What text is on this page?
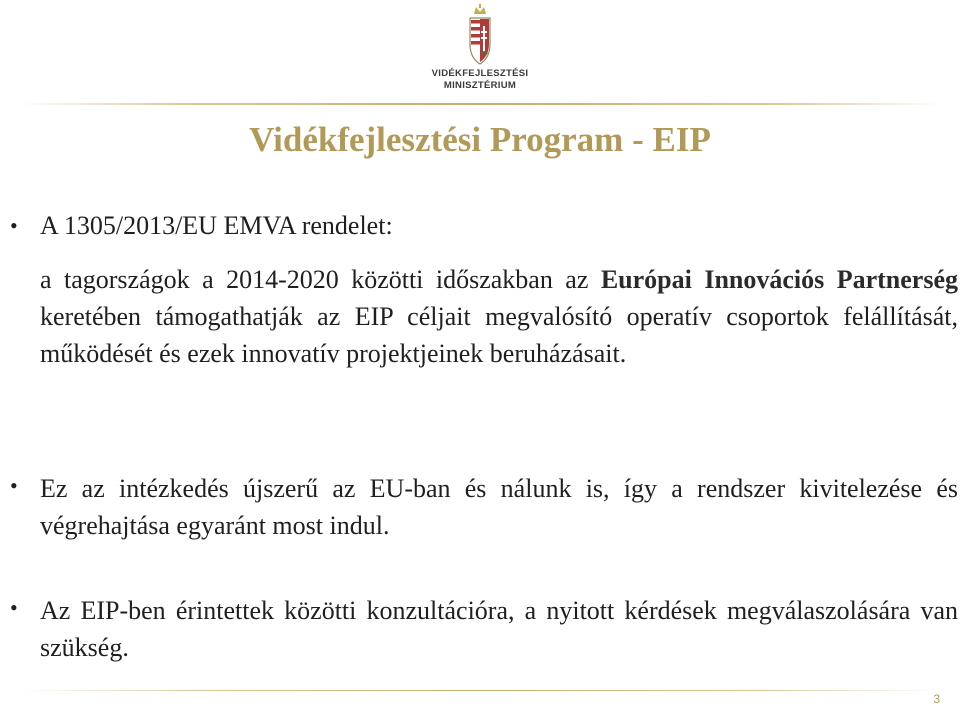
VIDÉKFEJLESZTÉSI
MINISZTÉRIUM
Vidékfejlesztési Program - EIP
• A 1305/2013/EU EMVA rendelet:
a tagországok a 2014-2020 közötti időszakban az Európai Innovációs Partnerség keretében támogathatják az EIP céljait megvalósító operatív csoportok felállítását, működését és ezek innovatív projektjeinek beruházásait.
• Ez az intézkedés újszerű az EU-ban és nálunk is, így a rendszer kivitelezése és végrehajtása egyaránt most indul.
• Az EIP-ben érintettek közötti konzultációra, a nyitott kérdések megválaszolására van szükség.
3
